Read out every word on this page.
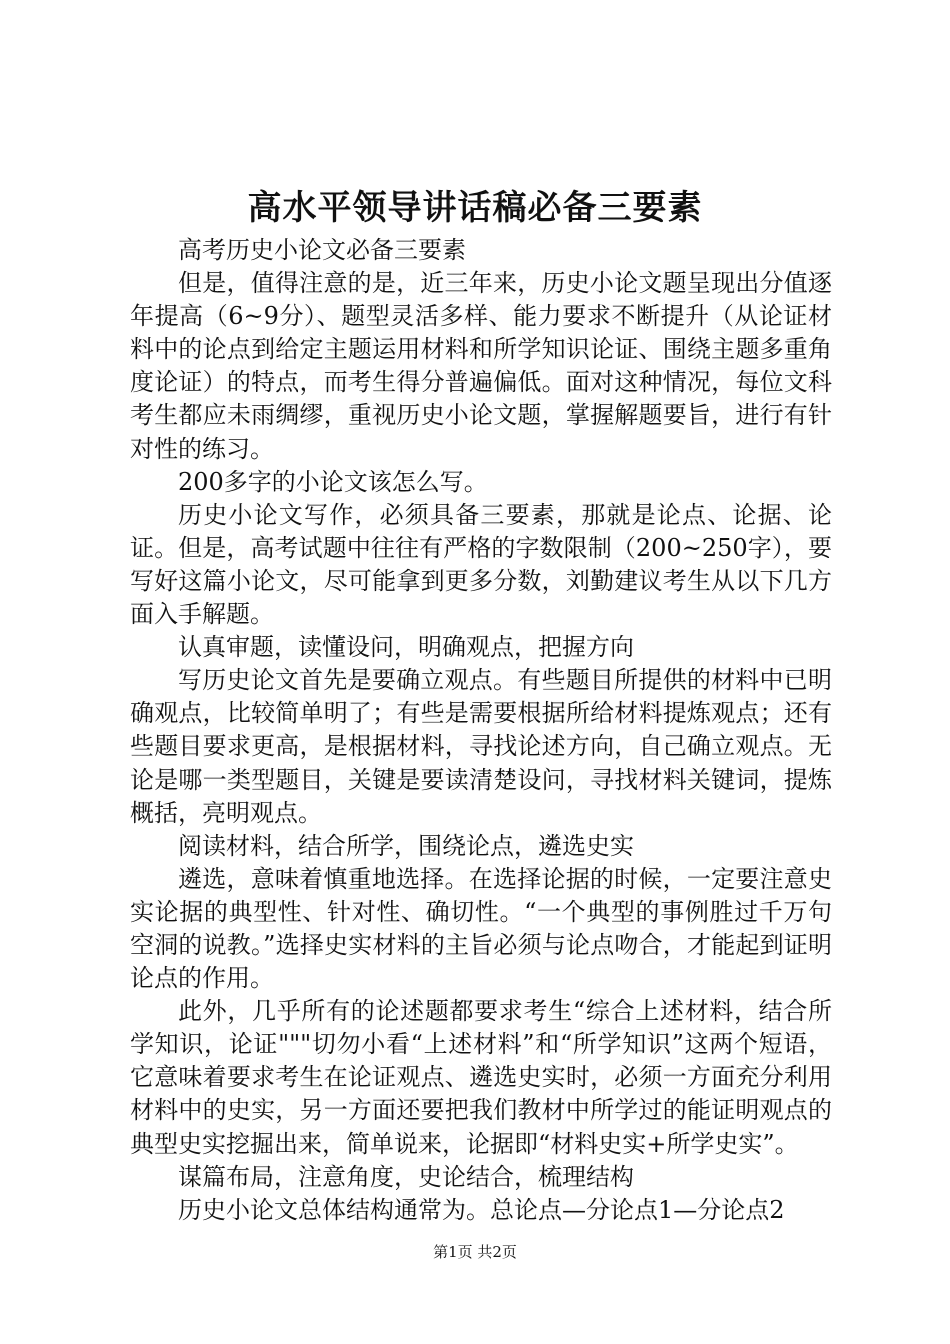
高水平领导讲话稿必备三要素

高考历史小论文必备三要素

但是，值得注意的是，近三年来，历史小论文题呈现出分值逐年提高（6~9分）、题型灵活多样、能力要求不断提升（从论证材料中的论点到给定主题运用材料和所学知识论证、围绕主题多重角度论证）的特点，而考生得分普遍偏低。面对这种情况，每位文科考生都应未雨绸缪，重视历史小论文题，掌握解题要旨，进行有针对性的练习。

200多字的小论文该怎么写。

历史小论文写作，必须具备三要素，那就是论点、论据、论证。但是，高考试题中往往有严格的字数限制（200~250字），要写好这篇小论文，尽可能拿到更多分数，刘勤建议考生从以下几方面入手解题。

认真审题，读懂设问，明确观点，把握方向

写历史论文首先是要确立观点。有些题目所提供的材料中已明确观点，比较简单明了；有些是需要根据所给材料提炼观点；还有些题目要求更高，是根据材料，寻找论述方向，自己确立观点。无论是哪一类型题目，关键是要读清楚设问，寻找材料关键词，提炼概括，亮明观点。

阅读材料，结合所学，围绕论点，遴选史实

遴选，意味着慎重地选择。在选择论据的时候，一定要注意史实论据的典型性、针对性、确切性。“一个典型的事例胜过千万句空洞的说教。”选择史实材料的主旨必须与论点吻合，才能起到证明论点的作用。

此外，几乎所有的论述题都要求考生“综合上述材料，结合所学知识，论证"""切勿小看“上述材料”和“所学知识”这两个短语，它意味着要求考生在论证观点、遴选史实时，必须一方面充分利用材料中的史实，另一方面还要把我们教材中所学过的能证明观点的典型史实挖掘出来，简单说来，论据即“材料史实+所学史实”。

谋篇布局，注意角度，史论结合，梳理结构

历史小论文总体结构通常为。总论点—分论点1—分论点2

第1页 共2页
